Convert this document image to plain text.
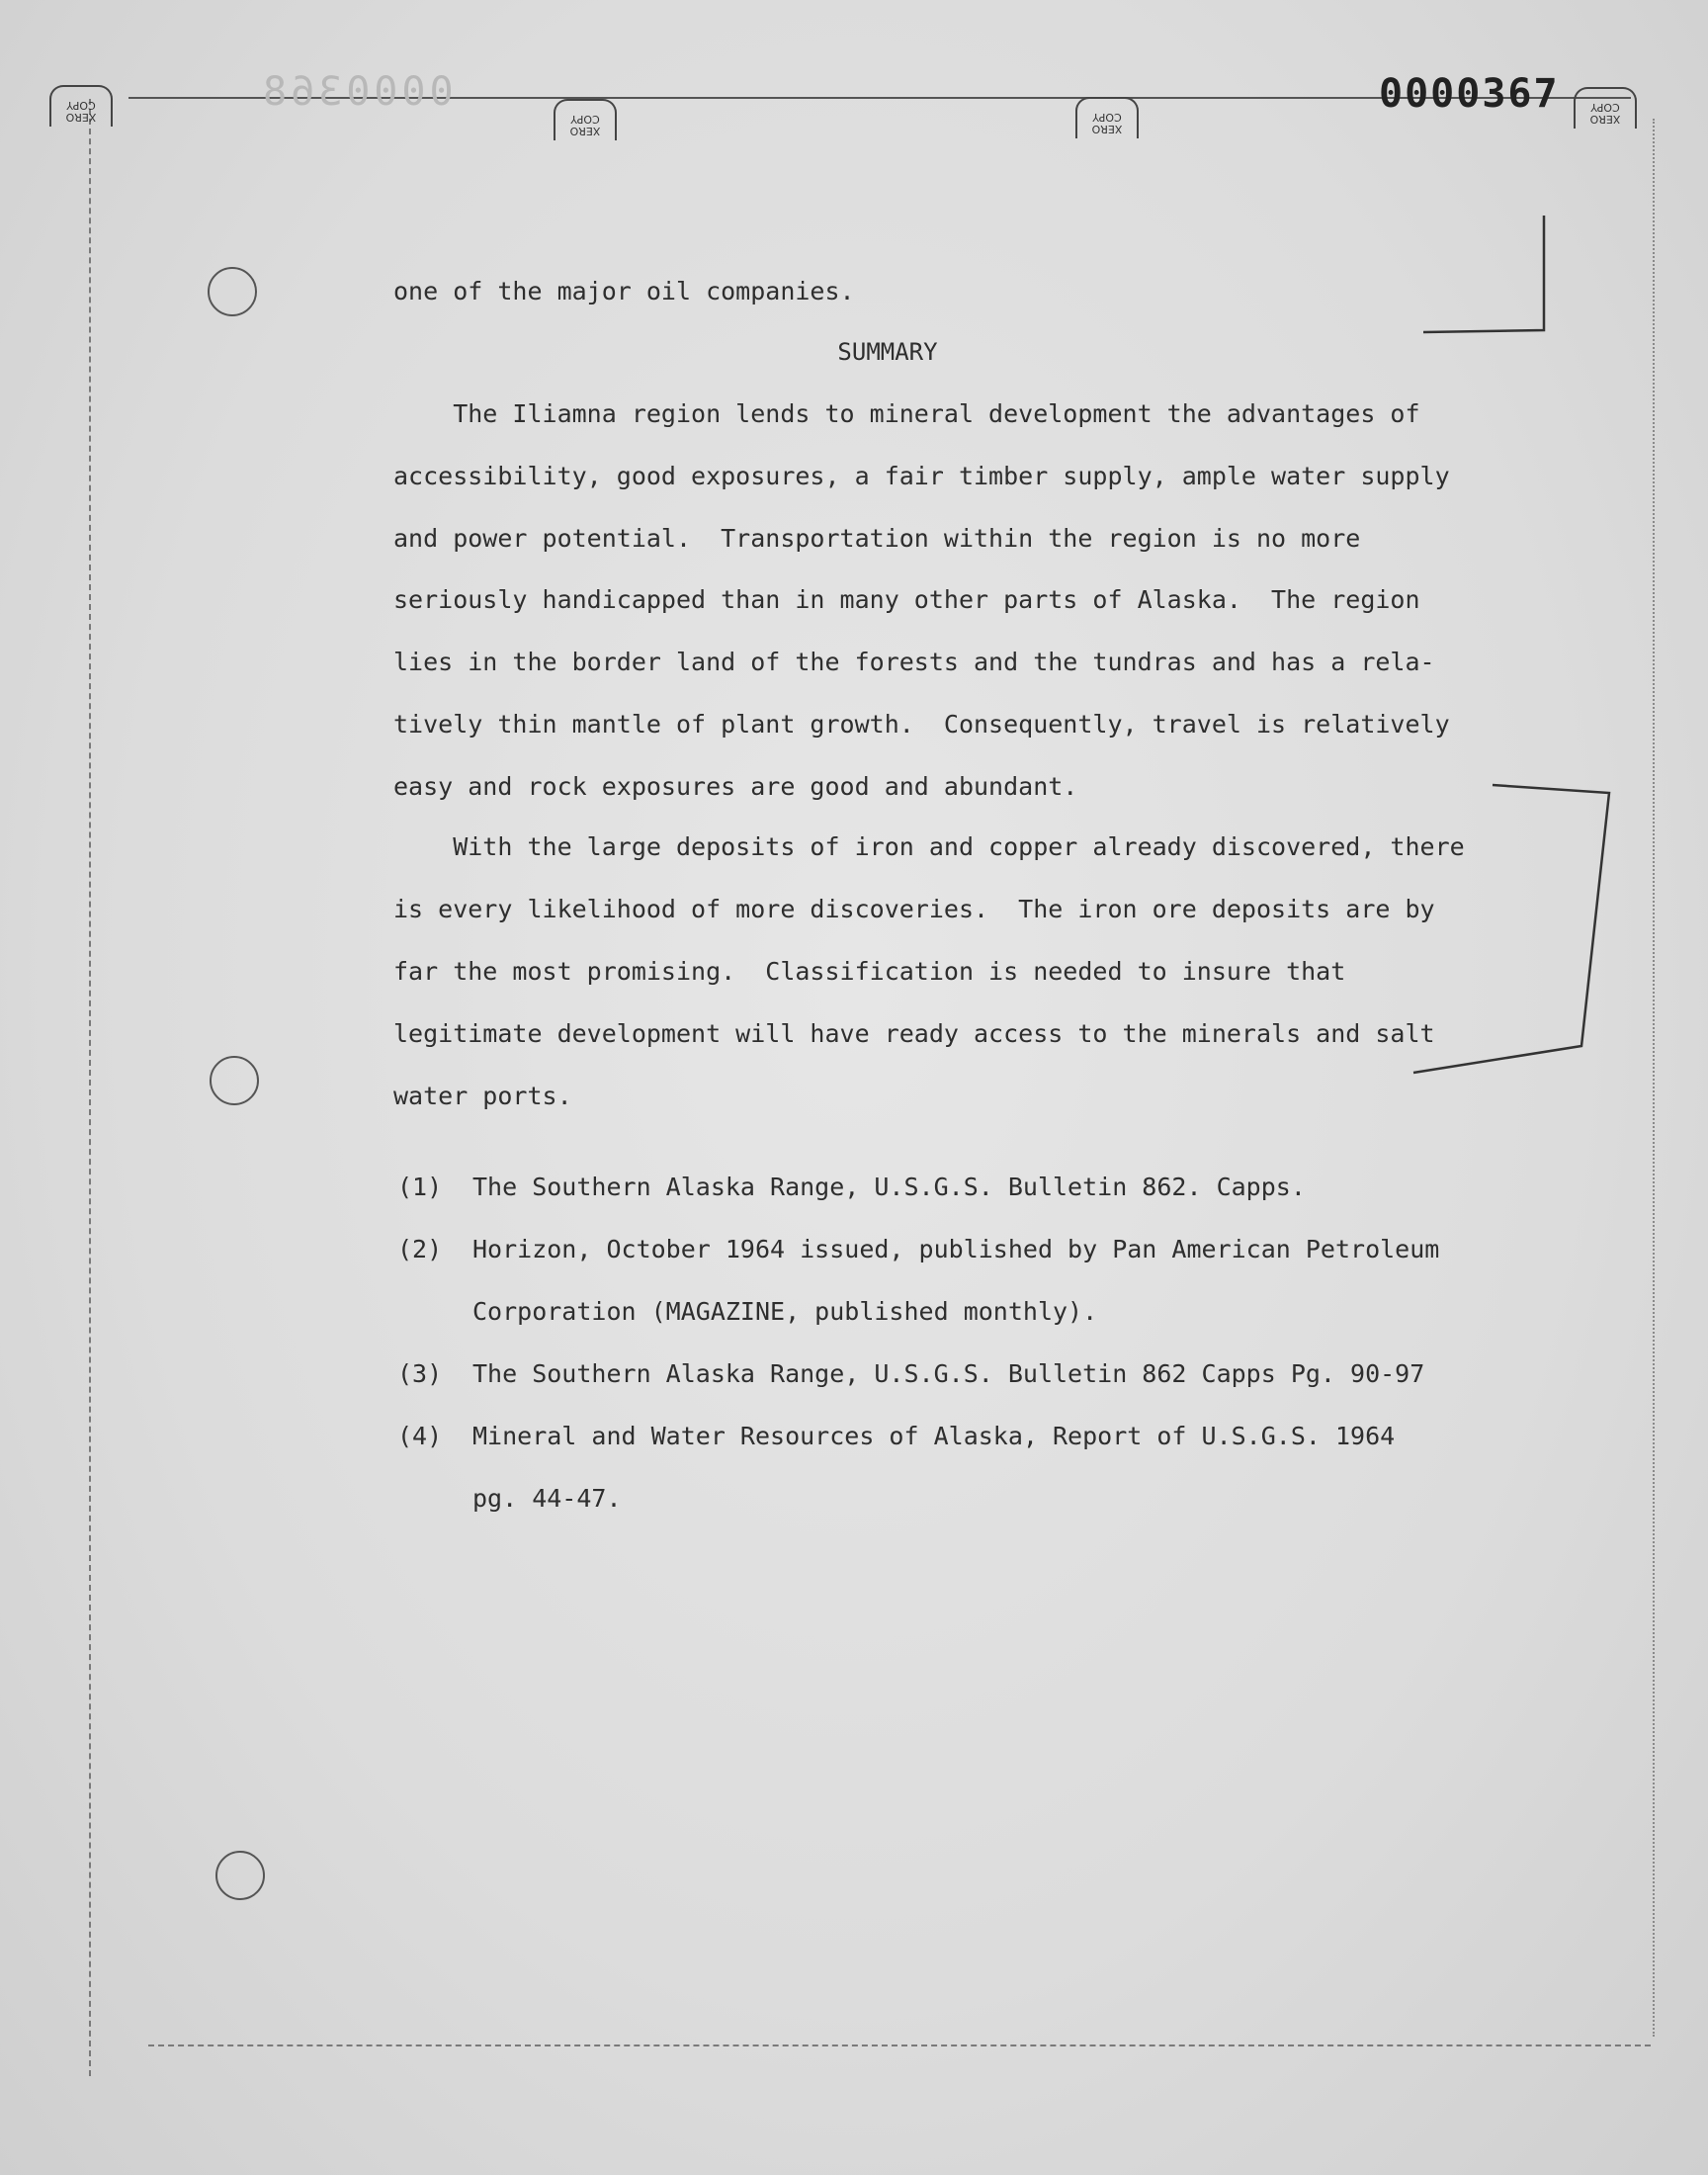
XERO
COPY
XERO
COPY
XERO
COPY	XERO
COPY
0000368	0000367
one of the major oil companies.
SUMMARY
The Iliamna region lends to mineral development the advantages of
accessibility, good exposures, a fair timber supply, ample water supply
and power potential.  Transportation within the region is no more
seriously handicapped than in many other parts of Alaska.  The region
lies in the border land of the forests and the tundras and has a rela-
tively thin mantle of plant growth.  Consequently, travel is relatively
easy and rock exposures are good and abundant.
With the large deposits of iron and copper already discovered, there
is every likelihood of more discoveries.  The iron ore deposits are by
far the most promising.  Classification is needed to insure that
legitimate development will have ready access to the minerals and salt
water ports.
(1) The Southern Alaska Range, U.S.G.S. Bulletin 862. Capps.
(2) Horizon, October 1964 issued, published by Pan American Petroleum
Corporation (MAGAZINE, published monthly).
(3) The Southern Alaska Range, U.S.G.S. Bulletin 862 Capps Pg. 90-97
(4) Mineral and Water Resources of Alaska, Report of U.S.G.S. 1964
pg. 44-47.
